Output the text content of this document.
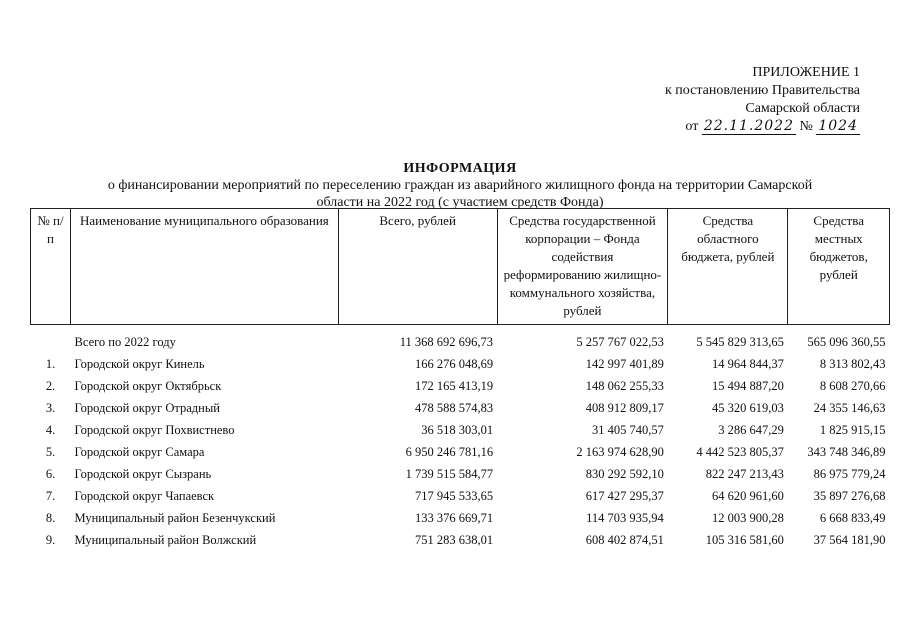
ПРИЛОЖЕНИЕ 1
к постановлению Правительства
Самарской области
от 22.11.2022 № 1024
ИНФОРМАЦИЯ
о финансировании мероприятий по переселению граждан из аварийного жилищного фонда на территории Самарской
области на 2022 год (с участием средств Фонда)
№ п/п	Наименование муниципального образования	Всего, рублей	Средства государственной корпорации – Фонда содействия реформированию жилищно-коммунального хозяйства, рублей	Средства областного бюджета, рублей	Средства местных бюджетов, рублей
	Всего по 2022 году	11 368 692 696,73	5 257 767 022,53	5 545 829 313,65	565 096 360,55
1.	Городской округ Кинель	166 276 048,69	142 997 401,89	14 964 844,37	8 313 802,43
2.	Городской округ Октябрьск	172 165 413,19	148 062 255,33	15 494 887,20	8 608 270,66
3.	Городской округ Отрадный	478 588 574,83	408 912 809,17	45 320 619,03	24 355 146,63
4.	Городской округ Похвистнево	36 518 303,01	31 405 740,57	3 286 647,29	1 825 915,15
5.	Городской округ Самара	6 950 246 781,16	2 163 974 628,90	4 442 523 805,37	343 748 346,89
6.	Городской округ Сызрань	1 739 515 584,77	830 292 592,10	822 247 213,43	86 975 779,24
7.	Городской округ Чапаевск	717 945 533,65	617 427 295,37	64 620 961,60	35 897 276,68
8.	Муниципальный район Безенчукский	133 376 669,71	114 703 935,94	12 003 900,28	6 668 833,49
9.	Муниципальный район Волжский	751 283 638,01	608 402 874,51	105 316 581,60	37 564 181,90
